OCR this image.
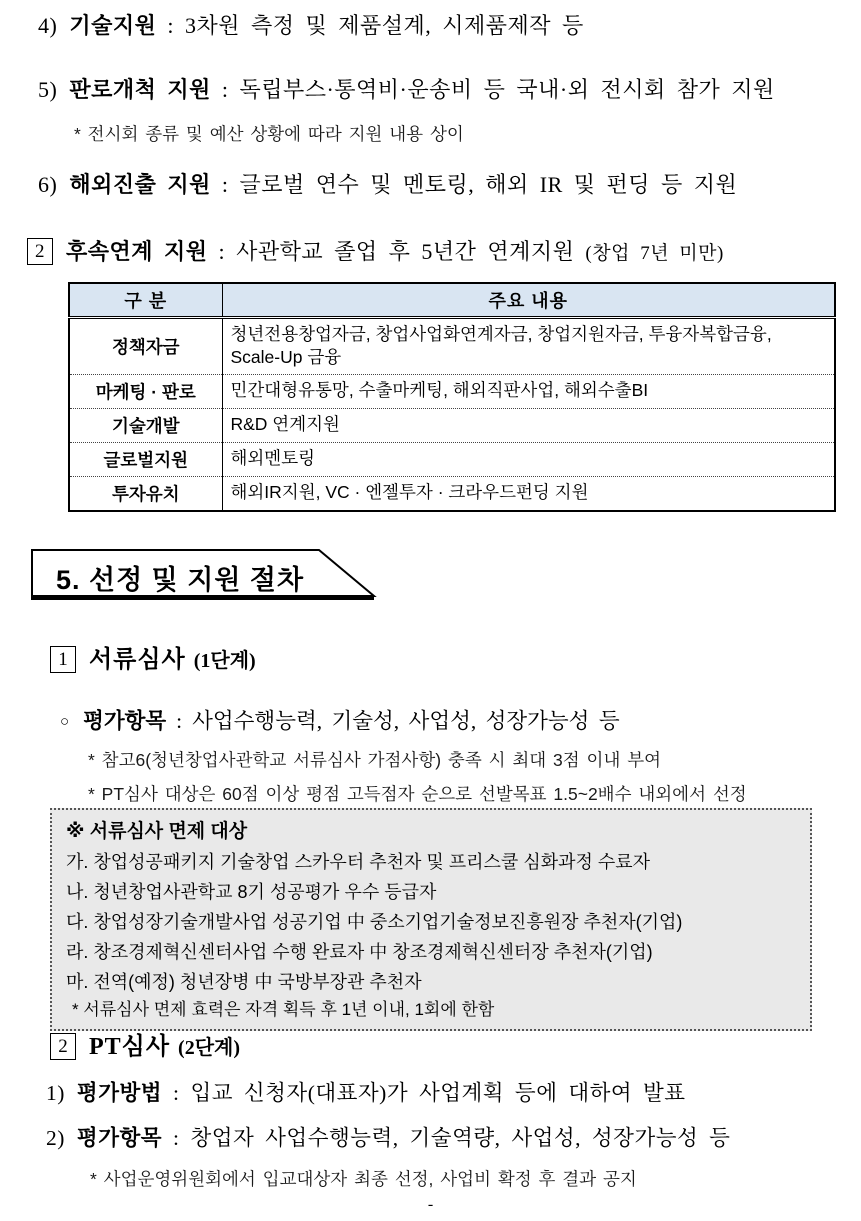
4) 기술지원 : 3차원 측정 및 제품설계, 시제품제작 등
5) 판로개척 지원 : 독립부스·통역비·운송비 등 국내·외 전시회 참가 지원
* 전시회 종류 및 예산 상황에 따라 지원 내용 상이
6) 해외진출 지원 : 글로벌 연수 및 멘토링, 해외 IR 및 펀딩 등 지원
2 후속연계 지원 : 사관학교 졸업 후 5년간 연계지원 (창업 7년 미만)
구 분	주요 내용
정책자금	청년전용창업자금, 창업사업화연계자금, 창업지원자금, 투융자복합금융, Scale-Up 금융
마케팅 · 판로	민간대형유통망, 수출마케팅, 해외직판사업, 해외수출BI
기술개발	R&D 연계지원
글로벌지원	해외멘토링
투자유치	해외IR지원, VC · 엔젤투자 · 크라우드펀딩 지원
5. 선정 및 지원 절차
1 서류심사 (1단계)
○ 평가항목 : 사업수행능력, 기술성, 사업성, 성장가능성 등
* 참고6(청년창업사관학교 서류심사 가점사항) 충족 시 최대 3점 이내 부여
* PT심사 대상은 60점 이상 평점 고득점자 순으로 선발목표 1.5~2배수 내외에서 선정
※ 서류심사 면제 대상
가. 창업성공패키지 기술창업 스카우터 추천자 및 프리스쿨 심화과정 수료자
나. 청년창업사관학교 8기 성공평가 우수 등급자
다. 창업성장기술개발사업 성공기업 中 중소기업기술정보진흥원장 추천자(기업)
라. 창조경제혁신센터사업 수행 완료자 中 창조경제혁신센터장 추천자(기업)
마. 전역(예정) 청년장병 中 국방부장관 추천자
* 서류심사 면제 효력은 자격 획득 후 1년 이내, 1회에 한함
2 PT심사 (2단계)
1) 평가방법 : 입교 신청자(대표자)가 사업계획 등에 대하여 발표
2) 평가항목 : 창업자 사업수행능력, 기술역량, 사업성, 성장가능성 등
* 사업운영위원회에서 입교대상자 최종 선정, 사업비 확정 후 결과 공지
-
